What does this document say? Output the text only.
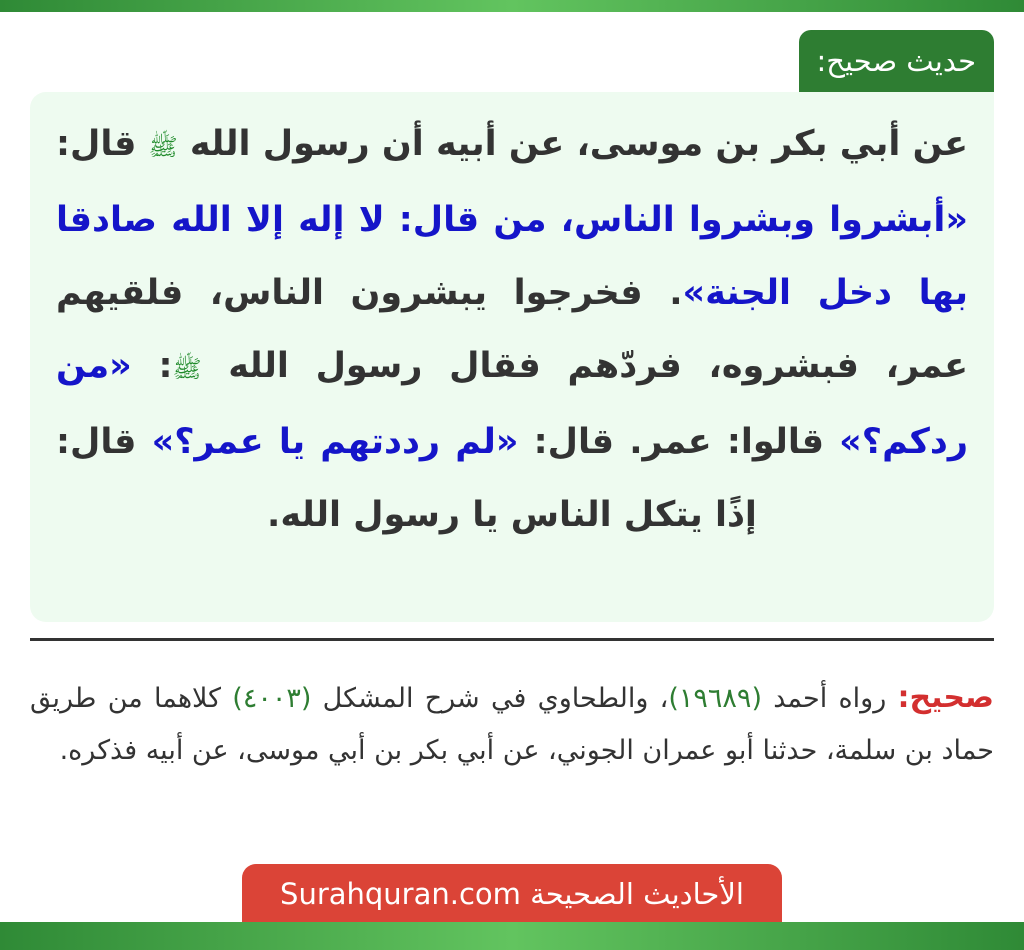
حديث صحيح:

عن أبي بكر بن موسى، عن أبيه أن رسول الله ﷺ قال: «أبشروا وبشروا الناس، من قال: لا إله إلا الله صادقا بها دخل الجنة». فخرجوا يبشرون الناس، فلقيهم عمر، فبشروه، فردّهم فقال رسول الله ﷺ: «من ردكم؟» قالوا: عمر. قال: «لم رددتهم يا عمر؟» قال: إذًا يتكل الناس يا رسول الله.

صحيح: رواه أحمد (١٩٦٨٩)، والطحاوي في شرح المشكل (٤٠٠٣) كلاهما من طريق حماد بن سلمة، حدثنا أبو عمران الجوني، عن أبي بكر بن أبي موسى، عن أبيه فذكره.

الأحاديث الصحيحة Surahquran.com
